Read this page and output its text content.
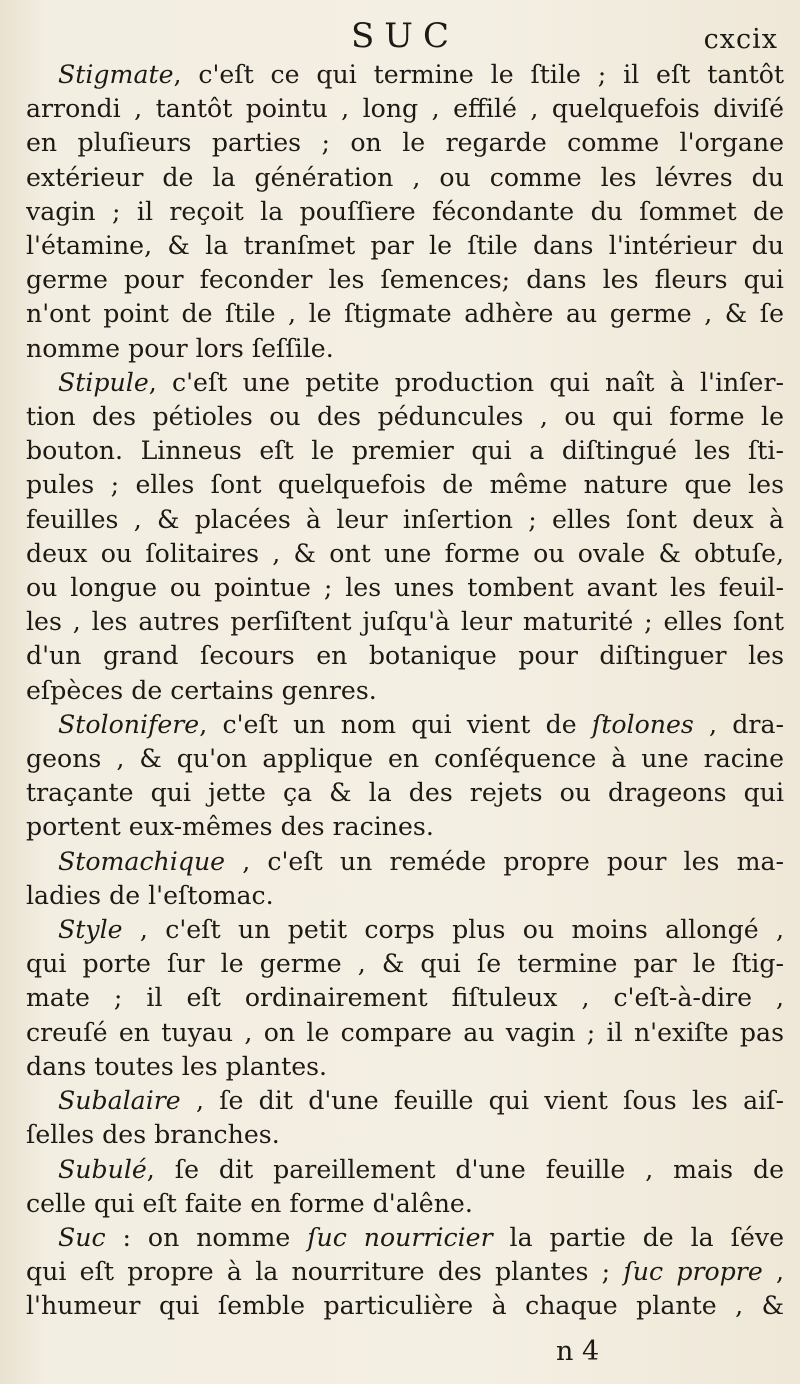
SUC	cxcix

Stigmate, c'eſt ce qui termine le ſtile ; il eſt tantôt
arrondi , tantôt pointu , long , effilé , quelquefois diviſé
en pluſieurs parties ; on le regarde comme l'organe
extérieur de la génération , ou comme les lévres du
vagin ; il reçoit la pouſſiere fécondante du ſommet de
l'étamine, & la tranſmet par le ſtile dans l'intérieur du
germe pour feconder les ſemences; dans les fleurs qui
n'ont point de ſtile , le ſtigmate adhère au germe , & ſe
nomme pour lors ſeſſile.

Stipule, c'eſt une petite production qui naît à l'inſer-
tion des pétioles ou des péduncules , ou qui forme le
bouton. Linneus eſt le premier qui a diſtingué les ſti-
pules ; elles ſont quelquefois de même nature que les
feuilles , & placées à leur inſertion ; elles ſont deux à
deux ou ſolitaires , & ont une forme ou ovale & obtuſe,
ou longue ou pointue ; les unes tombent avant les feuil-
les , les autres perſiſtent juſqu'à leur maturité ; elles ſont
d'un grand ſecours en botanique pour diſtinguer les
eſpèces de certains genres.

Stolonifere, c'eſt un nom qui vient de ſtolones , dra-
geons , & qu'on applique en conſéquence à une racine
traçante qui jette ça & la des rejets ou drageons qui
portent eux-mêmes des racines.

Stomachique , c'eſt un reméde propre pour les ma-
ladies de l'eſtomac.

Style , c'eſt un petit corps plus ou moins allongé ,
qui porte ſur le germe , & qui ſe termine par le ſtig-
mate ; il eſt ordinairement fiſtuleux , c'eſt-à-dire ,
creuſé en tuyau , on le compare au vagin ; il n'exiſte pas
dans toutes les plantes.

Subalaire , ſe dit d'une feuille qui vient ſous les aiſ-
ſelles des branches.

Subulé, ſe dit pareillement d'une feuille , mais de
celle qui eſt faite en forme d'alêne.

Suc : on nomme ſuc nourricier la partie de la ſéve
qui eſt propre à la nourriture des plantes ; ſuc propre ,
l'humeur qui ſemble particulière à chaque plante , &

n 4
